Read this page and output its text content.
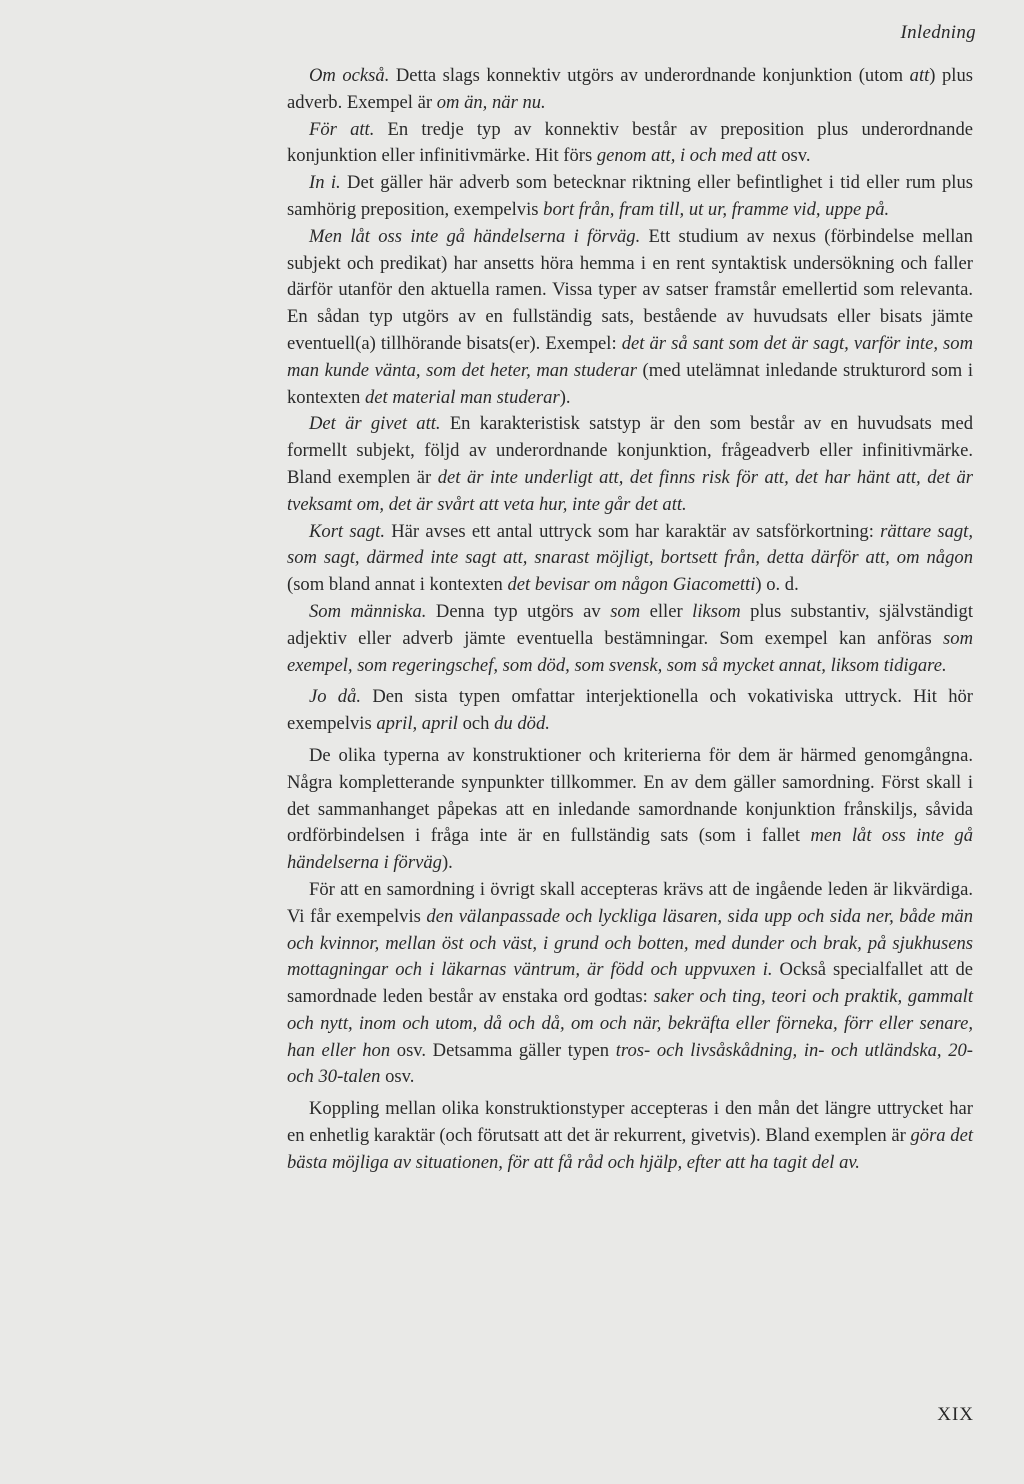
Inledning

Om också. Detta slags konnektiv utgörs av underordnande konjunktion (utom att) plus adverb. Exempel är om än, när nu.

För att. En tredje typ av konnektiv består av preposition plus underordnande konjunktion eller infinitivmärke. Hit förs genom att, i och med att osv.

In i. Det gäller här adverb som betecknar riktning eller befintlighet i tid eller rum plus samhörig preposition, exempelvis bort från, fram till, ut ur, framme vid, uppe på.

Men låt oss inte gå händelserna i förväg. Ett studium av nexus (förbindelse mellan subjekt och predikat) har ansetts höra hemma i en rent syntaktisk undersökning och faller därför utanför den aktuella ramen. Vissa typer av satser framstår emellertid som relevanta. En sådan typ utgörs av en fullständig sats, bestående av huvudsats eller bisats jämte eventuell(a) tillhörande bisats(er). Exempel: det är så sant som det är sagt, varför inte, som man kunde vänta, som det heter, man studerar (med utelämnat inledande strukturord som i kontexten det material man studerar).

Det är givet att. En karakteristisk satstyp är den som består av en huvudsats med formellt subjekt, följd av underordnande konjunktion, frågeadverb eller infinitivmärke. Bland exemplen är det är inte underligt att, det finns risk för att, det har hänt att, det är tveksamt om, det är svårt att veta hur, inte går det att.

Kort sagt. Här avses ett antal uttryck som har karaktär av satsförkortning: rättare sagt, som sagt, därmed inte sagt att, snarast möjligt, bortsett från, detta därför att, om någon (som bland annat i kontexten det bevisar om någon Giacometti) o. d.

Som människa. Denna typ utgörs av som eller liksom plus substantiv, självständigt adjektiv eller adverb jämte eventuella bestämningar. Som exempel kan anföras som exempel, som regeringschef, som död, som svensk, som så mycket annat, liksom tidigare.

Jo då. Den sista typen omfattar interjektionella och vokativiska uttryck. Hit hör exempelvis april, april och du död.

De olika typerna av konstruktioner och kriterierna för dem är härmed genomgångna. Några kompletterande synpunkter tillkommer. En av dem gäller samordning. Först skall i det sammanhanget påpekas att en inledande samordnande konjunktion frånskiljs, såvida ordförbindelsen i fråga inte är en fullständig sats (som i fallet men låt oss inte gå händelserna i förväg).

För att en samordning i övrigt skall accepteras krävs att de ingående leden är likvärdiga. Vi får exempelvis den välanpassade och lyckliga läsaren, sida upp och sida ner, både män och kvinnor, mellan öst och väst, i grund och botten, med dunder och brak, på sjukhusens mottagningar och i läkarnas väntrum, är född och uppvuxen i. Också specialfallet att de samordnade leden består av enstaka ord godtas: saker och ting, teori och praktik, gammalt och nytt, inom och utom, då och då, om och när, bekräfta eller förneka, förr eller senare, han eller hon osv. Detsamma gäller typen tros- och livsåskådning, in- och utländska, 20- och 30-talen osv.

Koppling mellan olika konstruktionstyper accepteras i den mån det längre uttrycket har en enhetlig karaktär (och förutsatt att det är rekurrent, givetvis). Bland exemplen är göra det bästa möjliga av situationen, för att få råd och hjälp, efter att ha tagit del av.

XIX
